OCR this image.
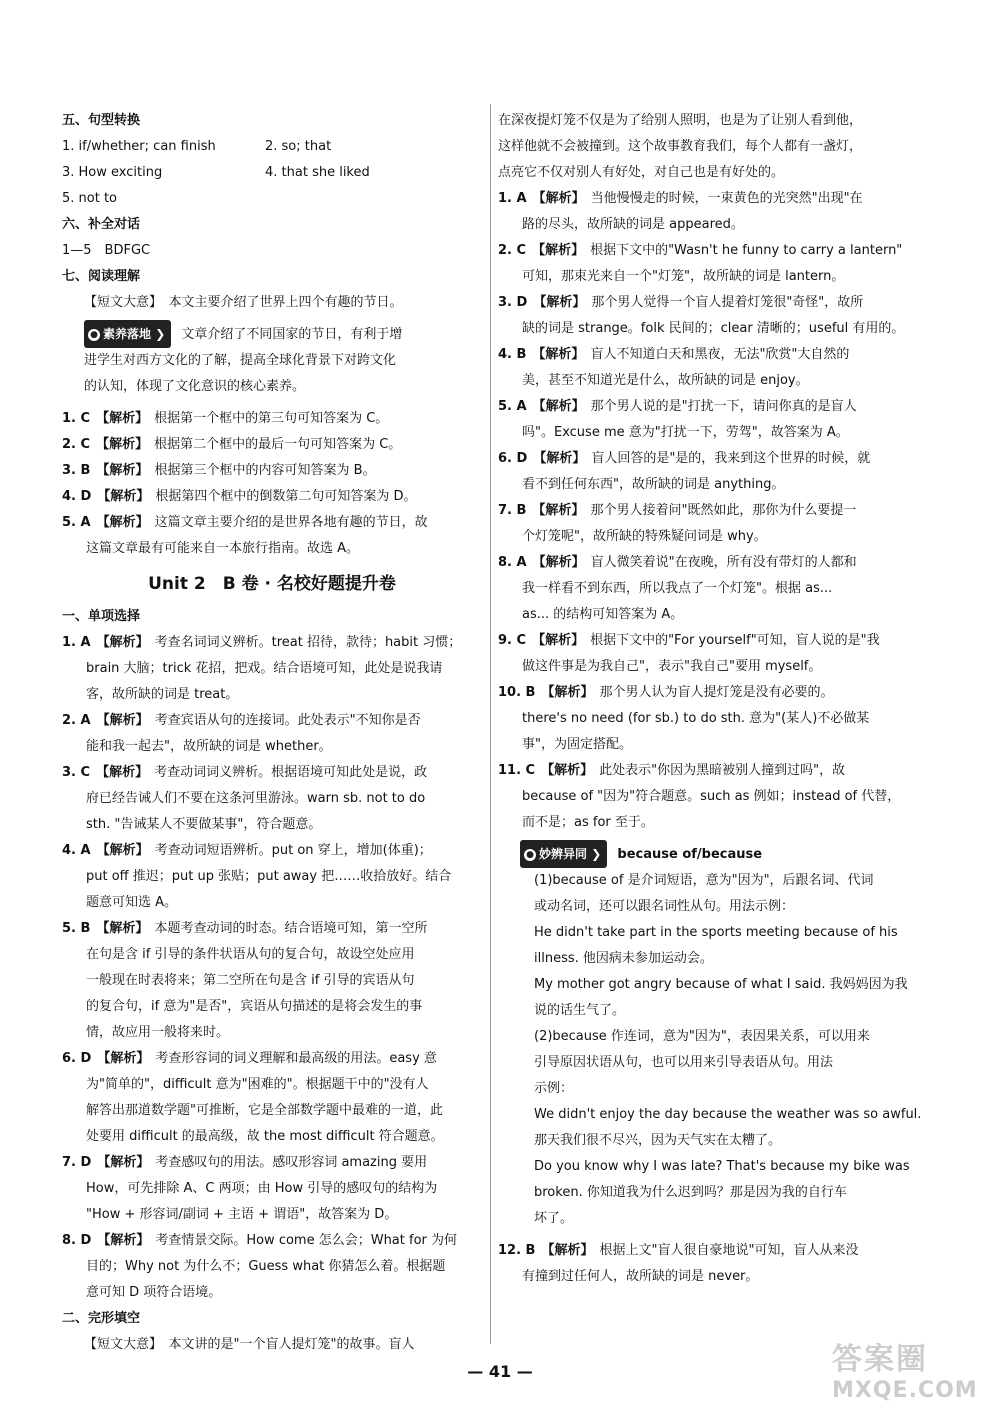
五、句型转换
1. if/whether; can finish	2. so; that
3. How exciting	4. that she liked
5. not to
六、补全对话
1—5　BDFGC
七、阅读理解
【短文大意】　本文主要介绍了世界上四个有趣的节日。
● 素养落地 ❯ 文章介绍了不同国家的节日，有利于增
进学生对西方文化的了解，提高全球化背景下对跨文化
的认知，体现了文化意识的核心素养。
1. C 【解析】 根据第一个框中的第三句可知答案为 C。
2. C 【解析】 根据第二个框中的最后一句可知答案为 C。
3. B 【解析】 根据第三个框中的内容可知答案为 B。
4. D 【解析】 根据第四个框中的倒数第二句可知答案为 D。
5. A 【解析】 这篇文章主要介绍的是世界各地有趣的节日，故
这篇文章最有可能来自一本旅行指南。故选 A。
Unit 2　B 卷 · 名校好题提升卷
一、单项选择
1. A 【解析】 考查名词词义辨析。treat 招待，款待；habit 习惯；
brain 大脑；trick 花招，把戏。结合语境可知，此处是说我请
客，故所缺的词是 treat。
2. A 【解析】 考查宾语从句的连接词。此处表示"不知你是否
能和我一起去"，故所缺的词是 whether。
3. C 【解析】 考查动词词义辨析。根据语境可知此处是说，政
府已经告诫人们不要在这条河里游泳。warn sb. not to do
sth. "告诫某人不要做某事"，符合题意。
4. A 【解析】 考查动词短语辨析。put on 穿上，增加(体重)；
put off 推迟；put up 张贴；put away 把……收拾放好。结合
题意可知选 A。
5. B 【解析】 本题考查动词的时态。结合语境可知，第一空所
在句是含 if 引导的条件状语从句的复合句，故设空处应用
一般现在时表将来；第二空所在句是含 if 引导的宾语从句
的复合句，if 意为"是否"，宾语从句描述的是将会发生的事
情，故应用一般将来时。
6. D 【解析】 考查形容词的词义理解和最高级的用法。easy 意
为"简单的"，difficult 意为"困难的"。根据题干中的"没有人
解答出那道数学题"可推断，它是全部数学题中最难的一道，此
处要用 difficult 的最高级，故 the most difficult 符合题意。
7. D 【解析】 考查感叹句的用法。感叹形容词 amazing 要用
How，可先排除 A、C 两项；由 How 引导的感叹句的结构为
"How + 形容词/副词 + 主语 + 谓语"，故答案为 D。
8. D 【解析】 考查情景交际。How come 怎么会；What for 为何
目的；Why not 为什么不；Guess what 你猜怎么着。根据题
意可知 D 项符合语境。
二、完形填空
【短文大意】　本文讲的是"一个盲人提灯笼"的故事。盲人
在深夜提灯笼不仅是为了给别人照明，也是为了让别人看到他，
这样他就不会被撞到。这个故事教育我们，每个人都有一盏灯，
点亮它不仅对别人有好处，对自己也是有好处的。
1. A 【解析】 当他慢慢走的时候，一束黄色的光突然"出现"在
路的尽头，故所缺的词是 appeared。
2. C 【解析】 根据下文中的"Wasn't he funny to carry a lantern"
可知，那束光来自一个"灯笼"，故所缺的词是 lantern。
3. D 【解析】 那个男人觉得一个盲人提着灯笼很"奇怪"，故所
缺的词是 strange。folk 民间的；clear 清晰的；useful 有用的。
4. B 【解析】 盲人不知道白天和黑夜，无法"欣赏"大自然的
美，甚至不知道光是什么，故所缺的词是 enjoy。
5. A 【解析】 那个男人说的是"打扰一下，请问你真的是盲人
吗"。Excuse me 意为"打扰一下，劳驾"，故答案为 A。
6. D 【解析】 盲人回答的是"是的，我来到这个世界的时候，就
看不到任何东西"，故所缺的词是 anything。
7. B 【解析】 那个男人接着问"既然如此，那你为什么要提一
个灯笼呢"，故所缺的特殊疑问词是 why。
8. A 【解析】 盲人微笑着说"在夜晚，所有没有带灯的人都和
我一样看不到东西，所以我点了一个灯笼"。根据 as...
as... 的结构可知答案为 A。
9. C 【解析】 根据下文中的"For yourself"可知，盲人说的是"我
做这件事是为我自己"，表示"我自己"要用 myself。
10. B 【解析】 那个男人认为盲人提灯笼是没有必要的。
there's no need (for sb.) to do sth. 意为"(某人)不必做某
事"，为固定搭配。
11. C 【解析】 此处表示"你因为黑暗被别人撞到过吗"，故
because of "因为"符合题意。such as 例如；instead of 代替，
而不是；as for 至于。
● 妙辨异同 ❯ because of/because
(1)because of 是介词短语，意为"因为"，后跟名词、代词
或动名词，还可以跟名词性从句。用法示例：
He didn't take part in the sports meeting because of his
illness. 他因病未参加运动会。
My mother got angry because of what I said. 我妈妈因为我
说的话生气了。
(2)because 作连词，意为"因为"，表因果关系，可以用来
引导原因状语从句，也可以用来引导表语从句。用法
示例：
We didn't enjoy the day because the weather was so awful.
那天我们很不尽兴，因为天气实在太糟了。
Do you know why I was late? That's because my bike was
broken. 你知道我为什么迟到吗？那是因为我的自行车
坏了。
12. B 【解析】 根据上文"盲人很自豪地说"可知，盲人从来没
有撞到过任何人，故所缺的词是 never。
— 41 —	答案圈
MXQE.COM
